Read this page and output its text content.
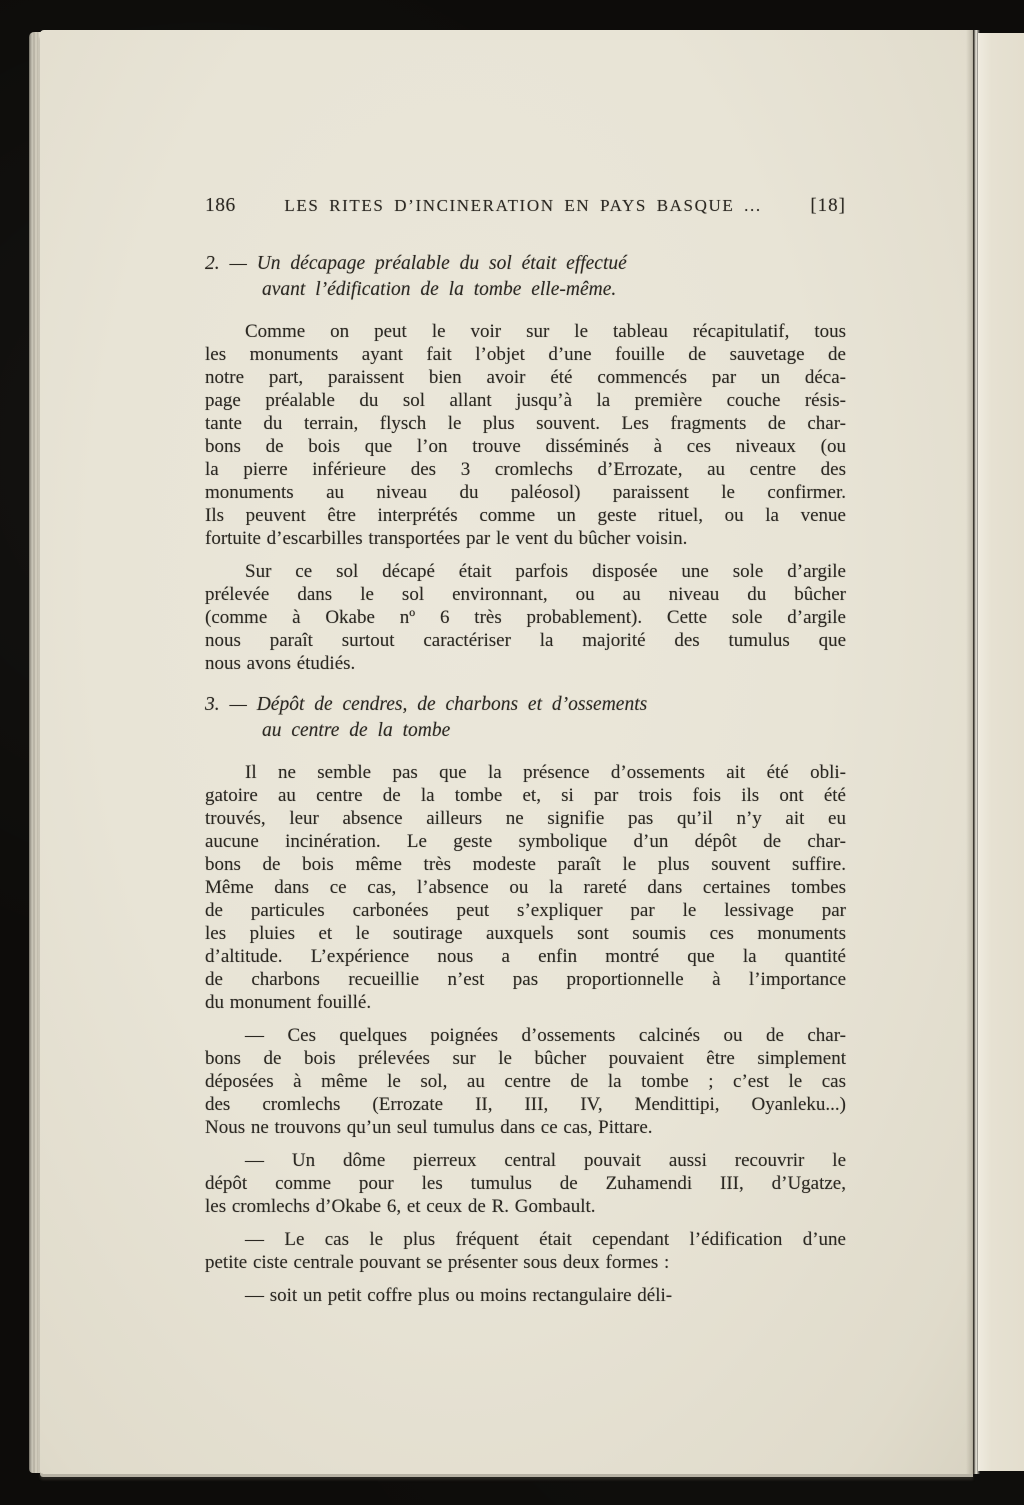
186	LES RITES D’INCINERATION EN PAYS BASQUE ...	[18]
2. — Un décapage préalable du sol était effectué
avant l’édification de la tombe elle-même.
Comme on peut le voir sur le tableau récapitulatif, tous
les monuments ayant fait l’objet d’une fouille de sauvetage de
notre part, paraissent bien avoir été commencés par un déca-
page préalable du sol allant jusqu’à la première couche résis-
tante du terrain, flysch le plus souvent. Les fragments de char-
bons de bois que l’on trouve disséminés à ces niveaux (ou
la pierre inférieure des 3 cromlechs d’Errozate, au centre des
monuments au niveau du paléosol) paraissent le confirmer.
Ils peuvent être interprétés comme un geste rituel, ou la venue
fortuite d’escarbilles transportées par le vent du bûcher voisin.
Sur ce sol décapé était parfois disposée une sole d’argile
prélevée dans le sol environnant, ou au niveau du bûcher
(comme à Okabe nº 6 très probablement). Cette sole d’argile
nous paraît surtout caractériser la majorité des tumulus que
nous avons étudiés.
3. — Dépôt de cendres, de charbons et d’ossements
au centre de la tombe
Il ne semble pas que la présence d’ossements ait été obli-
gatoire au centre de la tombe et, si par trois fois ils ont été
trouvés, leur absence ailleurs ne signifie pas qu’il n’y ait eu
aucune incinération. Le geste symbolique d’un dépôt de char-
bons de bois même très modeste paraît le plus souvent suffire.
Même dans ce cas, l’absence ou la rareté dans certaines tombes
de particules carbonées peut s’expliquer par le lessivage par
les pluies et le soutirage auxquels sont soumis ces monuments
d’altitude. L’expérience nous a enfin montré que la quantité
de charbons recueillie n’est pas proportionnelle à l’importance
du monument fouillé.
— Ces quelques poignées d’ossements calcinés ou de char-
bons de bois prélevées sur le bûcher pouvaient être simplement
déposées à même le sol, au centre de la tombe ; c’est le cas
des cromlechs (Errozate II, III, IV, Mendittipi, Oyanleku...)
Nous ne trouvons qu’un seul tumulus dans ce cas, Pittare.
— Un dôme pierreux central pouvait aussi recouvrir le
dépôt comme pour les tumulus de Zuhamendi III, d’Ugatze,
les cromlechs d’Okabe 6, et ceux de R. Gombault.
— Le cas le plus fréquent était cependant l’édification d’une
petite ciste centrale pouvant se présenter sous deux formes :
— soit un petit coffre plus ou moins rectangulaire déli-
